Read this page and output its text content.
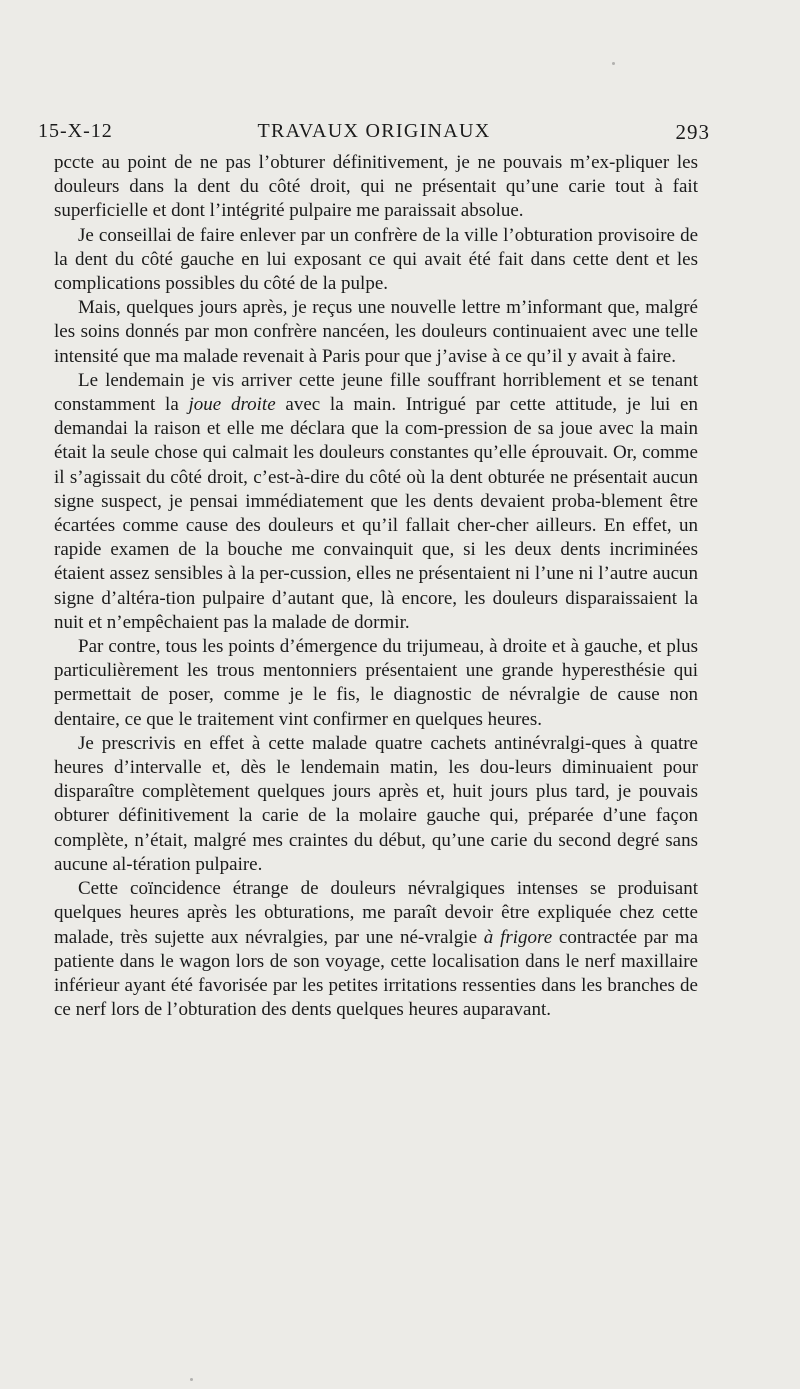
15-X-12	TRAVAUX ORIGINAUX	293

pccte au point de ne pas l’obturer définitivement, je ne pouvais m’ex-pliquer les douleurs dans la dent du côté droit, qui ne présentait qu’une carie tout à fait superficielle et dont l’intégrité pulpaire me paraissait absolue.

Je conseillai de faire enlever par un confrère de la ville l’obturation provisoire de la dent du côté gauche en lui exposant ce qui avait été fait dans cette dent et les complications possibles du côté de la pulpe.

Mais, quelques jours après, je reçus une nouvelle lettre m’informant que, malgré les soins donnés par mon confrère nancéen, les douleurs continuaient avec une telle intensité que ma malade revenait à Paris pour que j’avise à ce qu’il y avait à faire.

Le lendemain je vis arriver cette jeune fille souffrant horriblement et se tenant constamment la joue droite avec la main. Intrigué par cette attitude, je lui en demandai la raison et elle me déclara que la com-pression de sa joue avec la main était la seule chose qui calmait les douleurs constantes qu’elle éprouvait. Or, comme il s’agissait du côté droit, c’est-à-dire du côté où la dent obturée ne présentait aucun signe suspect, je pensai immédiatement que les dents devaient proba-blement être écartées comme cause des douleurs et qu’il fallait cher-cher ailleurs. En effet, un rapide examen de la bouche me convainquit que, si les deux dents incriminées étaient assez sensibles à la per-cussion, elles ne présentaient ni l’une ni l’autre aucun signe d’altéra-tion pulpaire d’autant que, là encore, les douleurs disparaissaient la nuit et n’empêchaient pas la malade de dormir.

Par contre, tous les points d’émergence du trijumeau, à droite et à gauche, et plus particulièrement les trous mentonniers présentaient une grande hyperesthésie qui permettait de poser, comme je le fis, le diagnostic de névralgie de cause non dentaire, ce que le traitement vint confirmer en quelques heures.

Je prescrivis en effet à cette malade quatre cachets antinévralgi-ques à quatre heures d’intervalle et, dès le lendemain matin, les dou-leurs diminuaient pour disparaître complètement quelques jours après et, huit jours plus tard, je pouvais obturer définitivement la carie de la molaire gauche qui, préparée d’une façon complète, n’était, malgré mes craintes du début, qu’une carie du second degré sans aucune al-tération pulpaire.

Cette coïncidence étrange de douleurs névralgiques intenses se produisant quelques heures après les obturations, me paraît devoir être expliquée chez cette malade, très sujette aux névralgies, par une né-vralgie à frigore contractée par ma patiente dans le wagon lors de son voyage, cette localisation dans le nerf maxillaire inférieur ayant été favorisée par les petites irritations ressenties dans les branches de ce nerf lors de l’obturation des dents quelques heures auparavant.
